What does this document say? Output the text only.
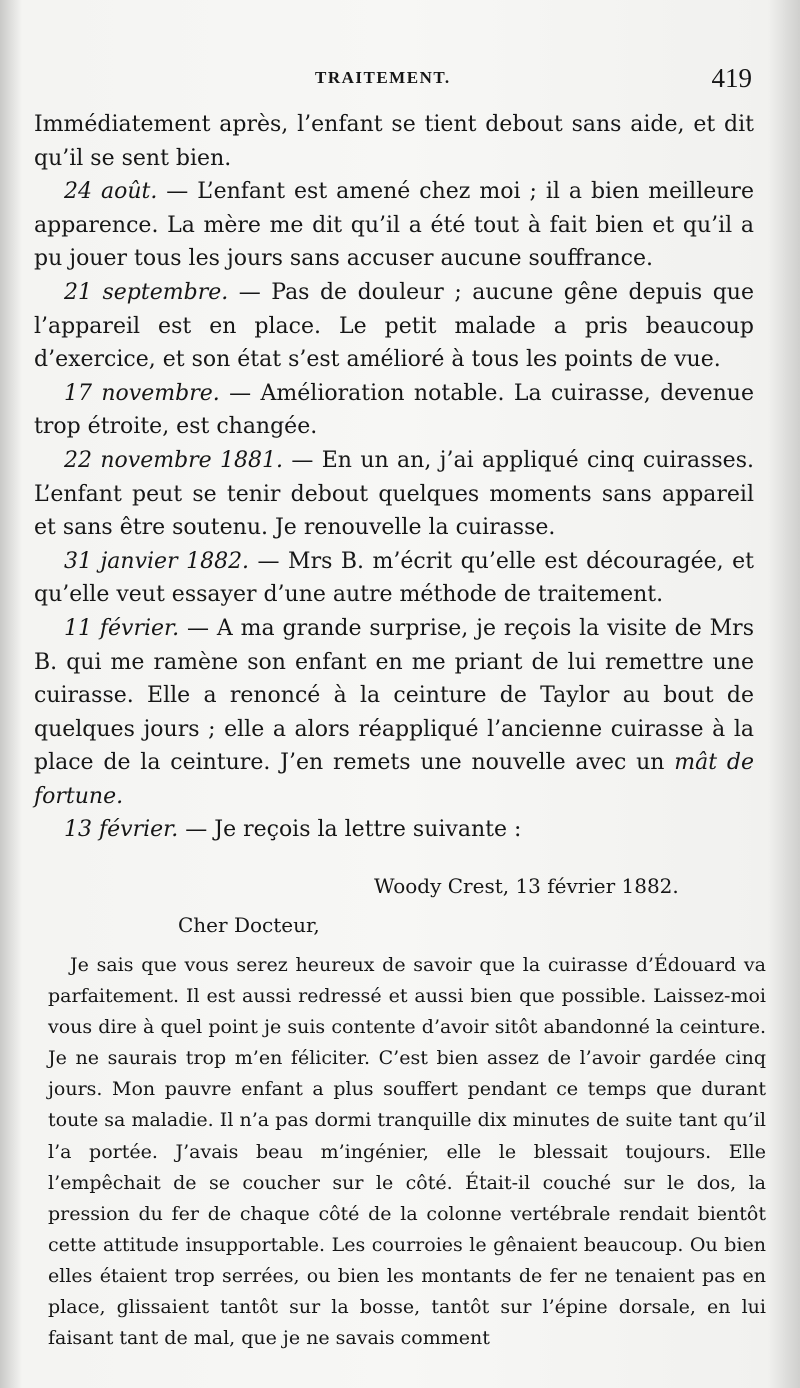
TRAITEMENT.	419

Immédiatement après, l’enfant se tient debout sans aide, et dit qu’il se sent bien.

24 août. — L’enfant est amené chez moi ; il a bien meilleure apparence. La mère me dit qu’il a été tout à fait bien et qu’il a pu jouer tous les jours sans accuser aucune souffrance.

21 septembre. — Pas de douleur ; aucune gêne depuis que l’appareil est en place. Le petit malade a pris beaucoup d’exercice, et son état s’est amélioré à tous les points de vue.

17 novembre. — Amélioration notable. La cuirasse, devenue trop étroite, est changée.

22 novembre 1881. — En un an, j’ai appliqué cinq cuirasses. L’enfant peut se tenir debout quelques moments sans appareil et sans être soutenu. Je renouvelle la cuirasse.

31 janvier 1882. — Mrs B. m’écrit qu’elle est découragée, et qu’elle veut essayer d’une autre méthode de traitement.

11 février. — A ma grande surprise, je reçois la visite de Mrs B. qui me ramène son enfant en me priant de lui remettre une cuirasse. Elle a renoncé à la ceinture de Taylor au bout de quelques jours ; elle a alors réappliqué l’ancienne cuirasse à la place de la ceinture. J’en remets une nouvelle avec un mât de fortune.

13 février. — Je reçois la lettre suivante :

Woody Crest, 13 février 1882.
Cher Docteur,

Je sais que vous serez heureux de savoir que la cuirasse d’Édouard va parfaitement. Il est aussi redressé et aussi bien que possible. Laissez-moi vous dire à quel point je suis contente d’avoir sitôt abandonné la ceinture. Je ne saurais trop m’en féliciter. C’est bien assez de l’avoir gardée cinq jours. Mon pauvre enfant a plus souffert pendant ce temps que durant toute sa maladie. Il n’a pas dormi tranquille dix minutes de suite tant qu’il l’a portée. J’avais beau m’ingénier, elle le blessait toujours. Elle l’empêchait de se coucher sur le côté. Était-il couché sur le dos, la pression du fer de chaque côté de la colonne vertébrale rendait bientôt cette attitude insupportable. Les courroies le gênaient beaucoup. Ou bien elles étaient trop serrées, ou bien les montants de fer ne tenaient pas en place, glissaient tantôt sur la bosse, tantôt sur l’épine dorsale, en lui faisant tant de mal, que je ne savais comment
